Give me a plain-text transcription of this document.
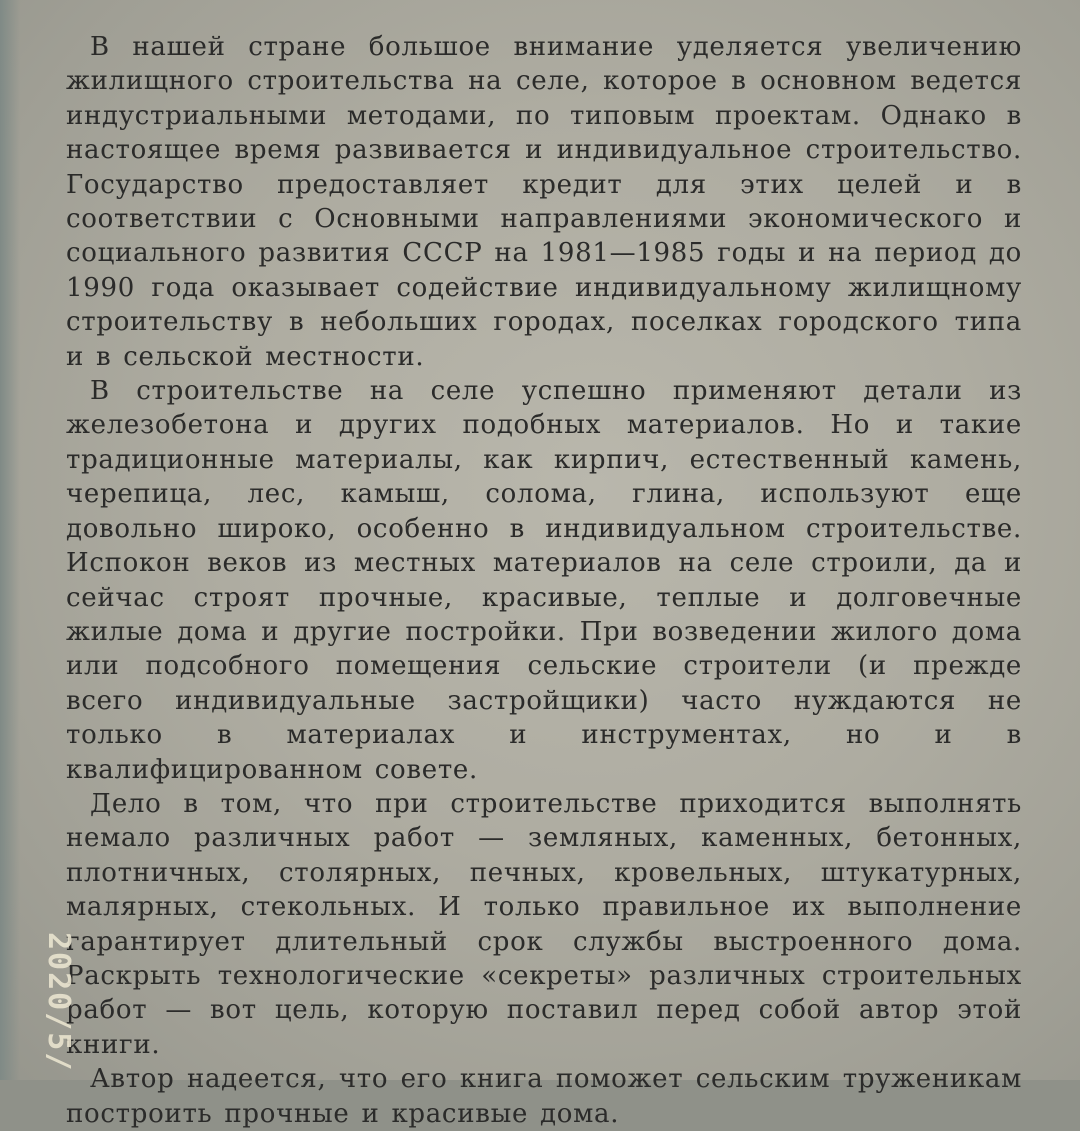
В нашей стране большое внимание уделяется увеличению жилищного строительства на селе, которое в основном ведется индустриальными методами, по типовым проектам. Однако в настоящее время развивается и индивидуальное строительство. Государство предоставляет кредит для этих целей и в соответствии с Основными направлениями экономического и социального развития СССР на 1981—1985 годы и на период до 1990 года оказывает содействие индивидуальному жилищному строительству в небольших городах, поселках городского типа и в сельской местности.

В строительстве на селе успешно применяют детали из железобетона и других подобных материалов. Но и такие традиционные материалы, как кирпич, естественный камень, черепица, лес, камыш, солома, глина, используют еще довольно широко, особенно в индивидуальном строительстве. Испокон веков из местных материалов на селе строили, да и сейчас строят прочные, красивые, теплые и долговечные жилые дома и другие постройки. При возведении жилого дома или подсобного помещения сельские строители (и прежде всего индивидуальные застройщики) часто нуждаются не только в материалах и инструментах, но и в квалифицированном совете.

Дело в том, что при строительстве приходится выполнять немало различных работ — земляных, каменных, бетонных, плотничных, столярных, печных, кровельных, штукатурных, малярных, стекольных. И только правильное их выполнение гарантирует длительный срок службы выстроенного дома. Раскрыть технологические «секреты» различных строительных работ — вот цель, которую поставил перед собой автор этой книги.

Автор надеется, что его книга поможет сельским труженикам построить прочные и красивые дома.

2020/5/
